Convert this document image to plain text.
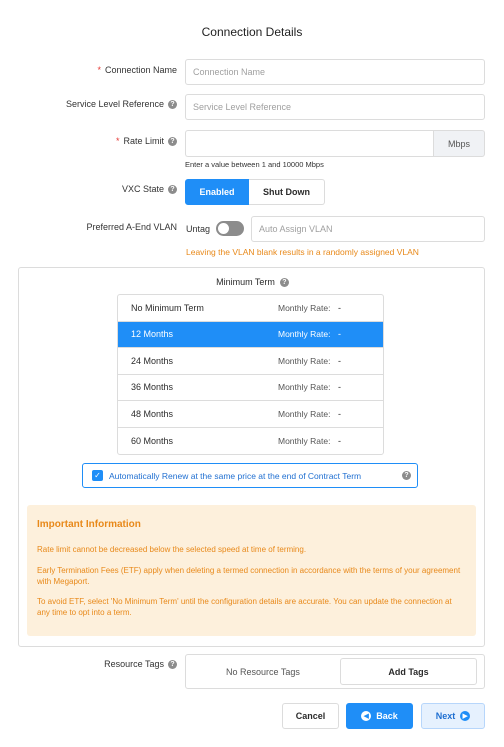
Connection Details
* Connection Name
Connection Name
Service Level Reference ?
Service Level Reference
* Rate Limit ?	Mbps
Enter a value between 1 and 10000 Mbps
VXC State ?	Enabled	Shut Down
Preferred A-End VLAN Untag
Auto Assign VLAN
Leaving the VLAN blank results in a randomly assigned VLAN
Minimum Term	?
No Minimum Term	Monthly Rate: -
12 Months	Monthly Rate: -
24 Months	Monthly Rate: -
36 Months	Monthly Rate: -
48 Months	Monthly Rate: -
60 Months	Monthly Rate: -
✓ Automatically Renew at the same price at the end of Contract Term	?
Important Information
Rate limit cannot be decreased below the selected speed at time of terming.
Early Termination Fees (ETF) apply when deleting a termed connection in accordance with the terms of your agreement with Megaport.
To avoid ETF, select 'No Minimum Term' until the configuration details are accurate. You can update the connection at any time to opt into a term.
Resource Tags ?
No Resource Tags	Add Tags
Cancel	◀ Back	Next	▶
